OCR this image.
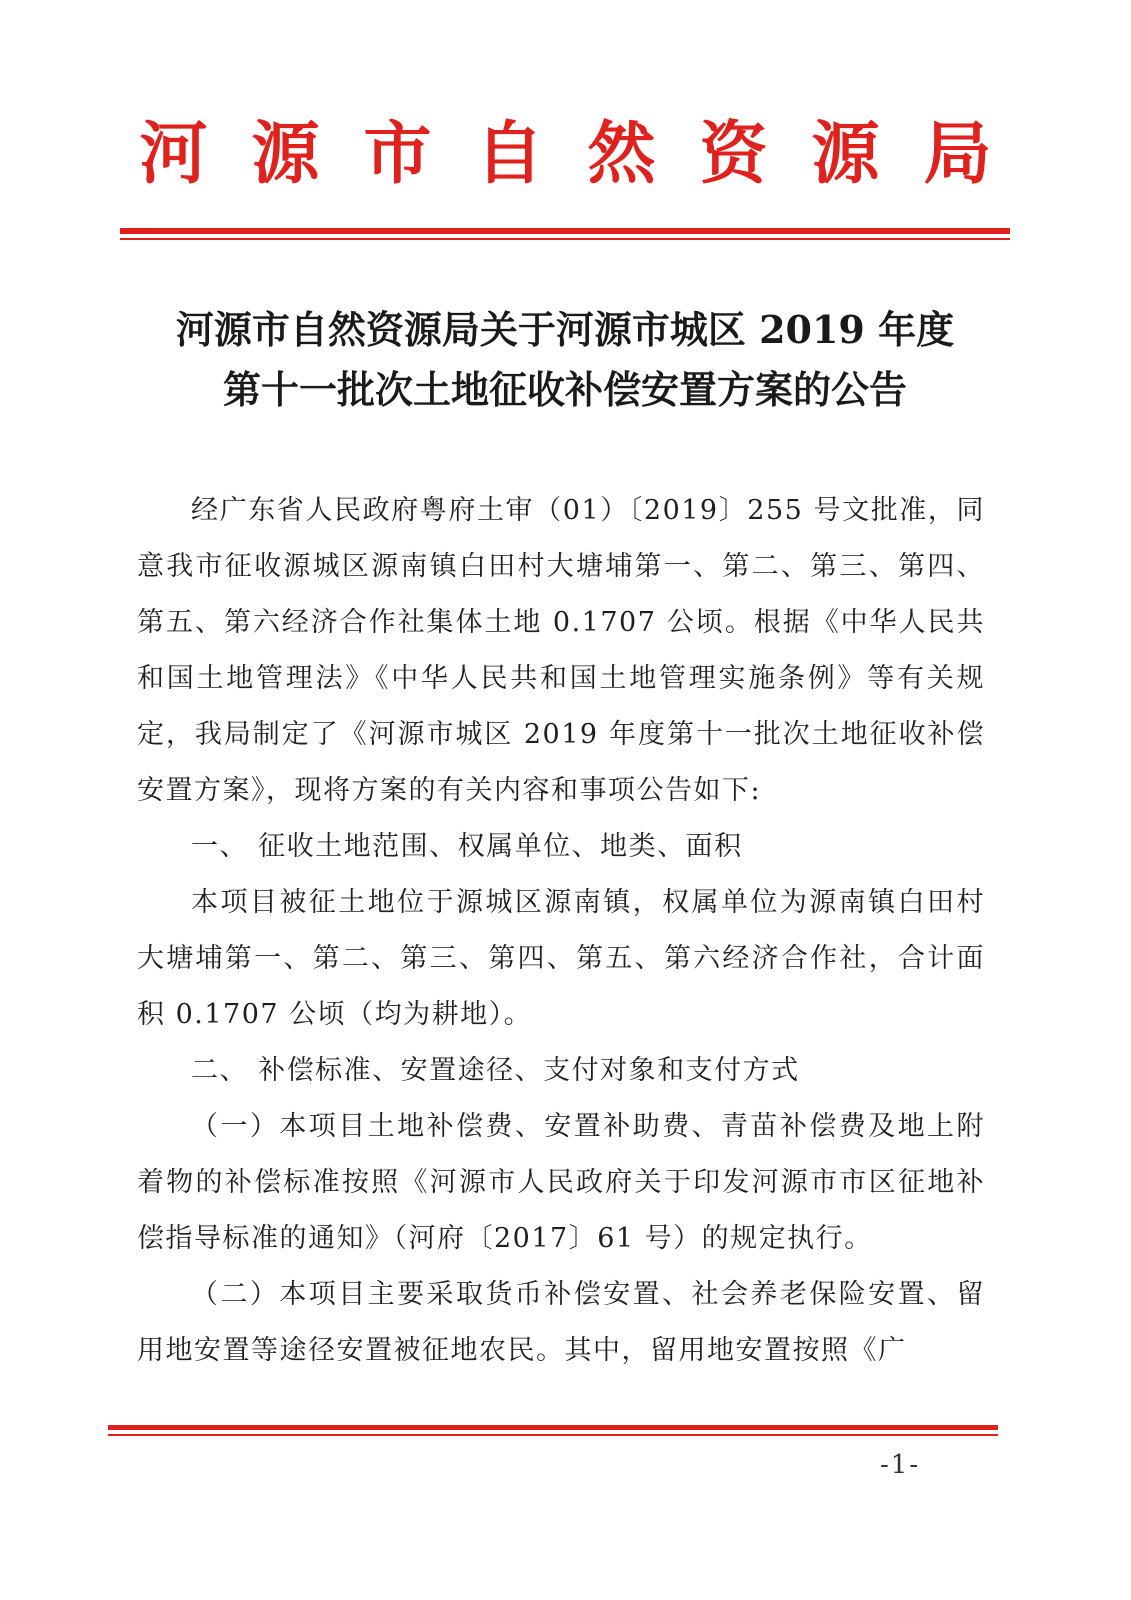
河源市自然资源局
河源市自然资源局关于河源市城区 2019 年度
第十一批次土地征收补偿安置方案的公告

经广东省人民政府粤府土审（01）〔2019〕255 号文批准，同意我市征收源城区源南镇白田村大塘埔第一、第二、第三、第四、第五、第六经济合作社集体土地 0.1707 公顷。根据《中华人民共和国土地管理法》《中华人民共和国土地管理实施条例》等有关规定，我局制定了《河源市城区 2019 年度第十一批次土地征收补偿安置方案》，现将方案的有关内容和事项公告如下:

一、 征收土地范围、权属单位、地类、面积

本项目被征土地位于源城区源南镇，权属单位为源南镇白田村大塘埔第一、第二、第三、第四、第五、第六经济合作社，合计面积 0.1707 公顷（均为耕地）。

二、 补偿标准、安置途径、支付对象和支付方式

（一）本项目土地补偿费、安置补助费、青苗补偿费及地上附着物的补偿标准按照《河源市人民政府关于印发河源市市区征地补偿指导标准的通知》（河府〔2017〕61 号）的规定执行。

（二）本项目主要采取货币补偿安置、社会养老保险安置、留用地安置等途径安置被征地农民。其中，留用地安置按照《广

-1-
